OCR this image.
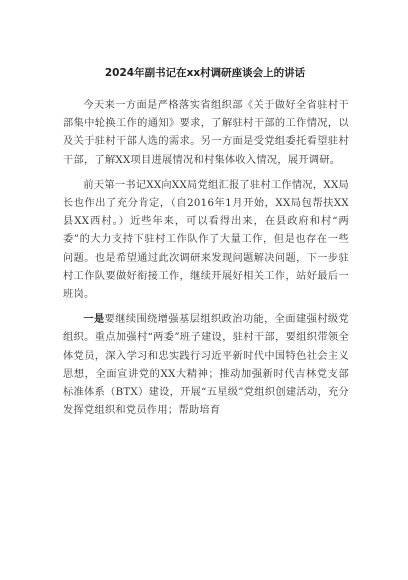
2024年副书记在xx村调研座谈会上的讲话

今天来一方面是严格落实省组织部《关于做好全省驻村干部集中轮换工作的通知》要求，了解驻村干部的工作情况，以及关于驻村干部人选的需求。另一方面是受党组委托看望驻村干部，了解XX项目进展情况和村集体收入情况，展开调研。

前天第一书记XX向XX局党组汇报了驻村工作情况，XX局长也作出了充分肯定，（自2016年1月开始，XX局包帮扶XX县XX西村。）近些年来，可以看得出来，在县政府和村“两委”的大力支持下驻村工作队作了大量工作，但是也存在一些问题。也是希望通过此次调研来发现问题解决问题，下一步驻村工作队要做好衔接工作，继续开展好相关工作，站好最后一班岗。

一是要继续围绕增强基层组织政治功能，全面建强村级党组织。重点加强村“两委”班子建设，驻村干部，要组织带领全体党员，深入学习和忠实践行习近平新时代中国特色社会主义思想，全面宣讲党的XX大精神；推动加强新时代吉林党支部标准体系（BTX）建设，开展“五星级”党组织创建活动，充分发挥党组织和党员作用；帮助培育
